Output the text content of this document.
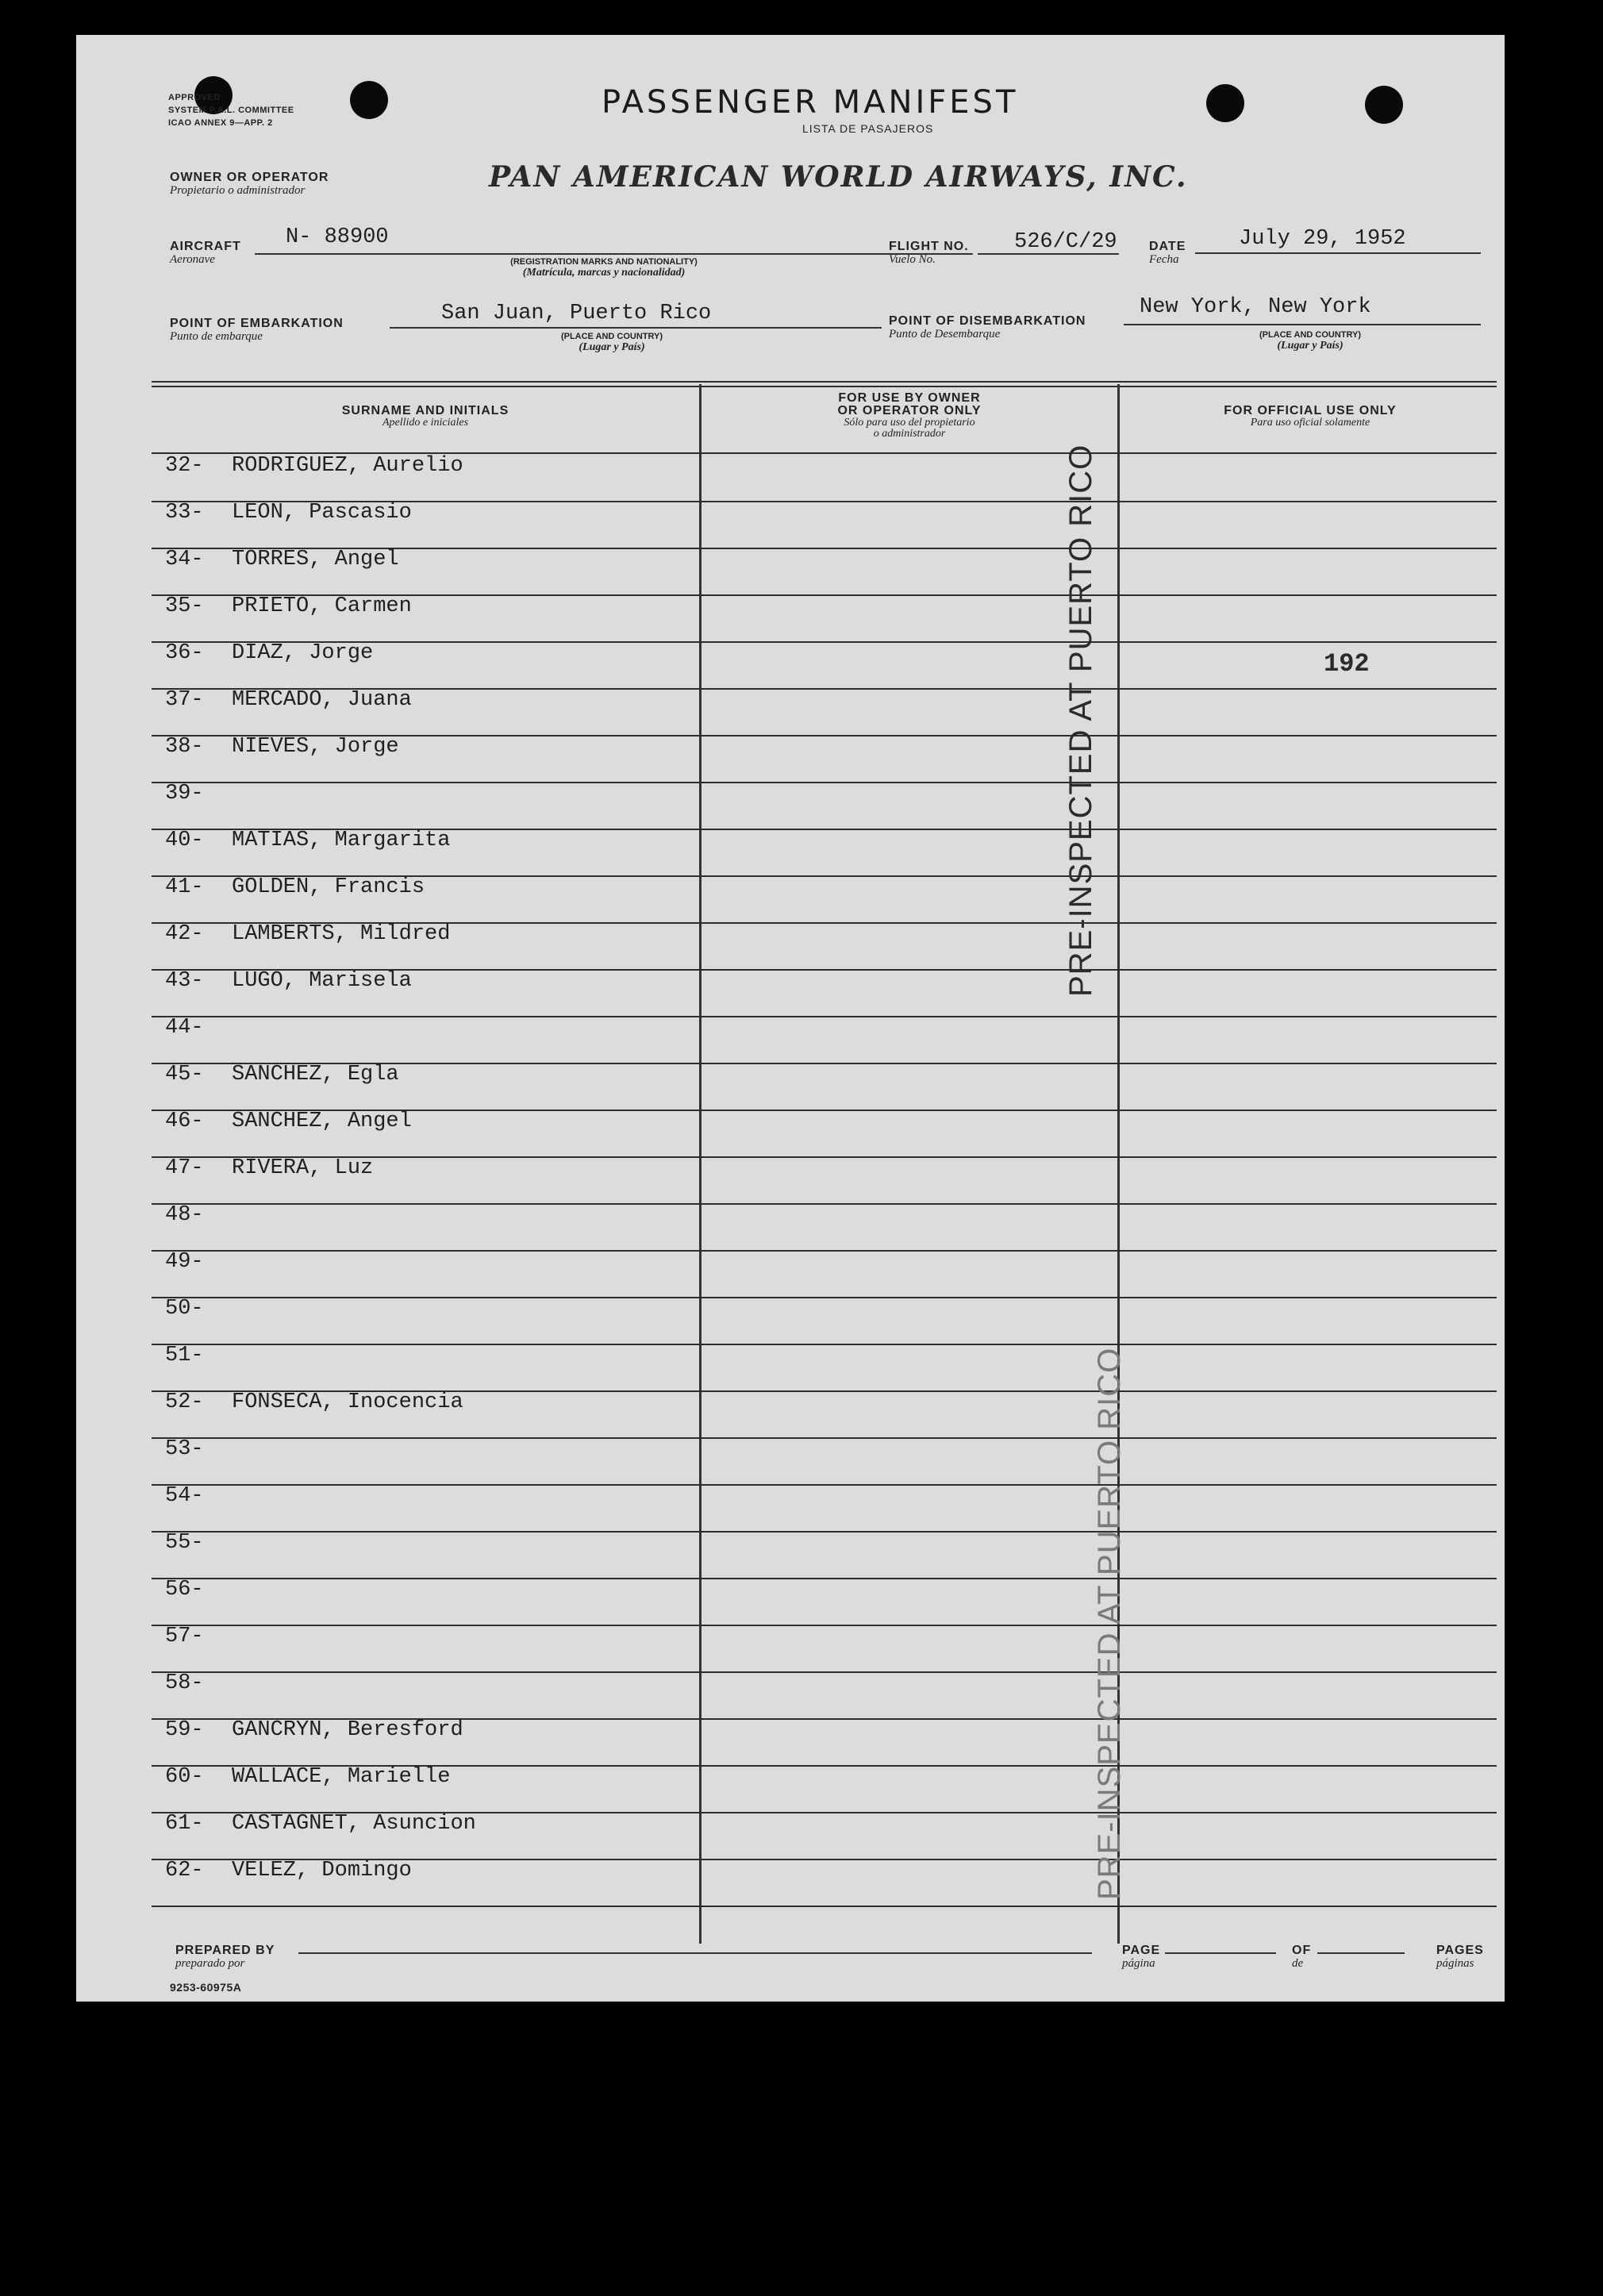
APPROVED
SYSTEM P.A.L. COMMITTEE
ICAO ANNEX 9—APP. 2
PASSENGER MANIFEST
LISTA DE PASAJEROS
OWNER OR OPERATOR
Propietario o administrador	PAN AMERICAN WORLD AIRWAYS, INC.
AIRCRAFT
Aeronave
N- 88900
(REGISTRATION MARKS AND NATIONALITY)
(Matrícula, marcas y nacionalidad)
FLIGHT NO.
Vuelo No.
526/C/29	DATE
Fecha
July 29, 1952
POINT OF EMBARKATION
Punto de embarque
San Juan, Puerto Rico
(PLACE AND COUNTRY)
(Lugar y País)
POINT OF DISEMBARKATION
Punto de Desembarque
New York, New York
(PLACE AND COUNTRY)
(Lugar y País)
SURNAME AND INITIALS
Apellido e iniciales
FOR USE BY OWNER
OR OPERATOR ONLY
Sólo para uso del propietario
o administrador
FOR OFFICIAL USE ONLY
Para uso oficial solamente
32- RODRIGUEZ, Aurelio
33- LEON, Pascasio
34- TORRES, Angel
35- PRIETO, Carmen
36- DIAZ, Jorge
37- MERCADO, Juana
38- NIEVES, Jorge
39-
40- MATIAS, Margarita
41- GOLDEN, Francis
42- LAMBERTS, Mildred
43- LUGO, Marisela
44-
45- SANCHEZ, Egla
46- SANCHEZ, Angel
47- RIVERA, Luz
48-
49-
50-
51-
52- FONSECA, Inocencia
53-
54-
55-
56-
57-
58-
59- GANCRYN, Beresford
60- WALLACE, Marielle
61- CASTAGNET, Asuncion
62- VELEZ, Domingo
PRE-INSPECTED AT PUERTO RICO
PRE-INSPECTED AT PUERTO RICO
192
PREPARED BY
preparado por
PAGE
página
OF
de
PAGES
páginas
9253-60975A
